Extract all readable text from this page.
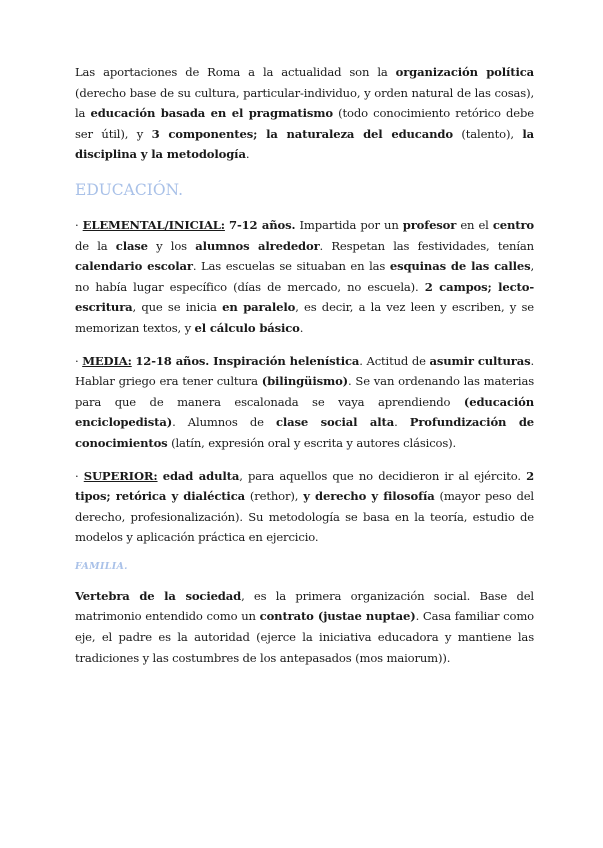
Las aportaciones de Roma a la actualidad son la organización política (derecho base de su cultura, particular-individuo, y orden natural de las cosas), la educación basada en el pragmatismo (todo conocimiento retórico debe ser útil), y 3 componentes; la naturaleza del educando (talento), la disciplina y la metodología.

EDUCACIÓN.

· ELEMENTAL/INICIAL: 7-12 años. Impartida por un profesor en el centro de la clase y los alumnos alrededor. Respetan las festividades, tenían calendario escolar. Las escuelas se situaban en las esquinas de las calles, no había lugar específico (días de mercado, no escuela). 2 campos; lecto-escritura, que se inicia en paralelo, es decir, a la vez leen y escriben, y se memorizan textos, y el cálculo básico.

· MEDIA: 12-18 años. Inspiración helenística. Actitud de asumir culturas. Hablar griego era tener cultura (bilingüismo). Se van ordenando las materias para que de manera escalonada se vaya aprendiendo (educación enciclopedista). Alumnos de clase social alta. Profundización de conocimientos (latín, expresión oral y escrita y autores clásicos).

· SUPERIOR: edad adulta, para aquellos que no decidieron ir al ejército. 2 tipos; retórica y dialéctica (rethor), y derecho y filosofía (mayor peso del derecho, profesionalización). Su metodología se basa en la teoría, estudio de modelos y aplicación práctica en ejercicio.

FAMILIA.

Vertebra de la sociedad, es la primera organización social. Base del matrimonio entendido como un contrato (justae nuptae). Casa familiar como eje, el padre es la autoridad (ejerce la iniciativa educadora y mantiene las tradiciones y las costumbres de los antepasados (mos maiorum)).
